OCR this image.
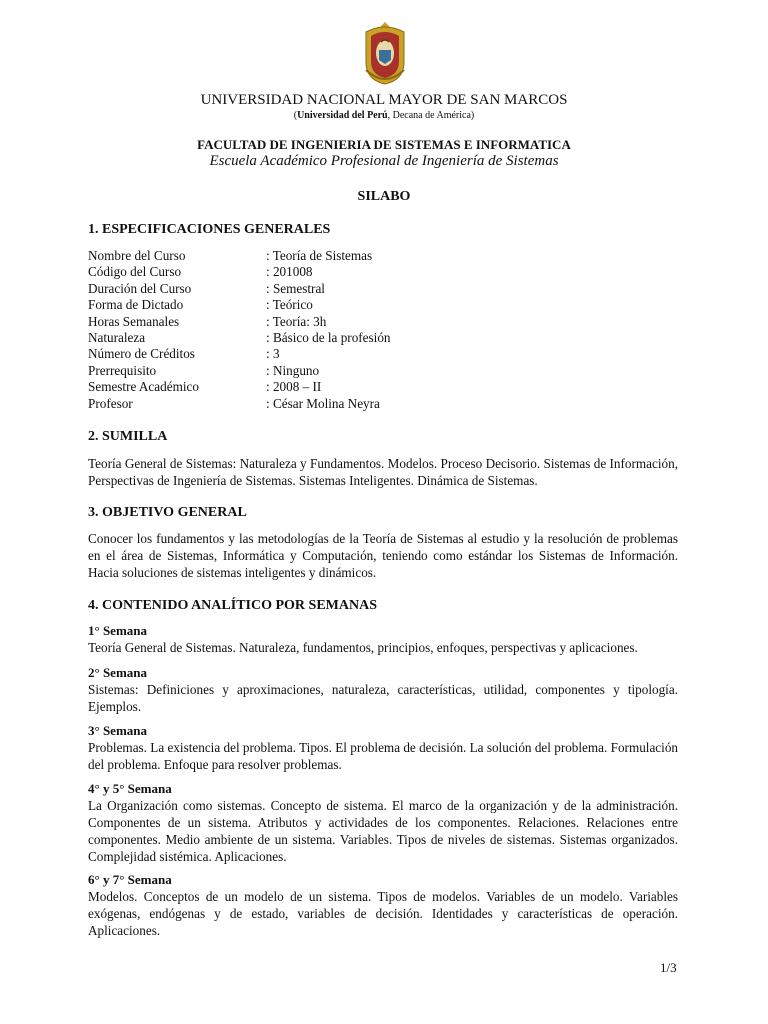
UNIVERSIDAD NACIONAL MAYOR DE SAN MARCOS
(Universidad del Perú, Decana de América)
FACULTAD DE INGENIERIA DE SISTEMAS E INFORMATICA
Escuela Académico Profesional de Ingeniería de Sistemas
SILABO
1. ESPECIFICACIONES GENERALES
Nombre del Curso	: Teoría de Sistemas
Código del Curso	: 201008
Duración del Curso	: Semestral
Forma de Dictado	: Teórico
Horas Semanales	: Teoría: 3h
Naturaleza	: Básico de la profesión
Número de Créditos	: 3
Prerrequisito	: Ninguno
Semestre Académico	: 2008 – II
Profesor	: César Molina Neyra
2. SUMILLA
Teoría General de Sistemas: Naturaleza y Fundamentos. Modelos. Proceso Decisorio. Sistemas de Información, Perspectivas de Ingeniería de Sistemas. Sistemas Inteligentes. Dinámica de Sistemas.
3. OBJETIVO GENERAL
Conocer los fundamentos y las metodologías de la Teoría de Sistemas al estudio y la resolución de problemas en el área de Sistemas, Informática y Computación, teniendo como estándar los Sistemas de Información. Hacia soluciones de sistemas inteligentes y dinámicos.
4. CONTENIDO ANALÍTICO POR SEMANAS
1° Semana
Teoría General de Sistemas. Naturaleza, fundamentos, principios, enfoques, perspectivas y aplicaciones.
2° Semana
Sistemas: Definiciones y aproximaciones, naturaleza, características, utilidad, componentes y tipología. Ejemplos.
3° Semana
Problemas. La existencia del problema. Tipos. El problema de decisión. La solución del problema. Formulación del problema. Enfoque para resolver problemas.
4° y 5° Semana
La Organización como sistemas. Concepto de sistema. El marco de la organización y de la administración. Componentes de un sistema. Atributos y actividades de los componentes. Relaciones. Relaciones entre componentes. Medio ambiente de un sistema. Variables. Tipos de niveles de sistemas. Sistemas organizados. Complejidad sistémica. Aplicaciones.
6° y 7° Semana
Modelos. Conceptos de un modelo de un sistema. Tipos de modelos. Variables de un modelo. Variables exógenas, endógenas y de estado, variables de decisión. Identidades y características de operación. Aplicaciones.
1/3
